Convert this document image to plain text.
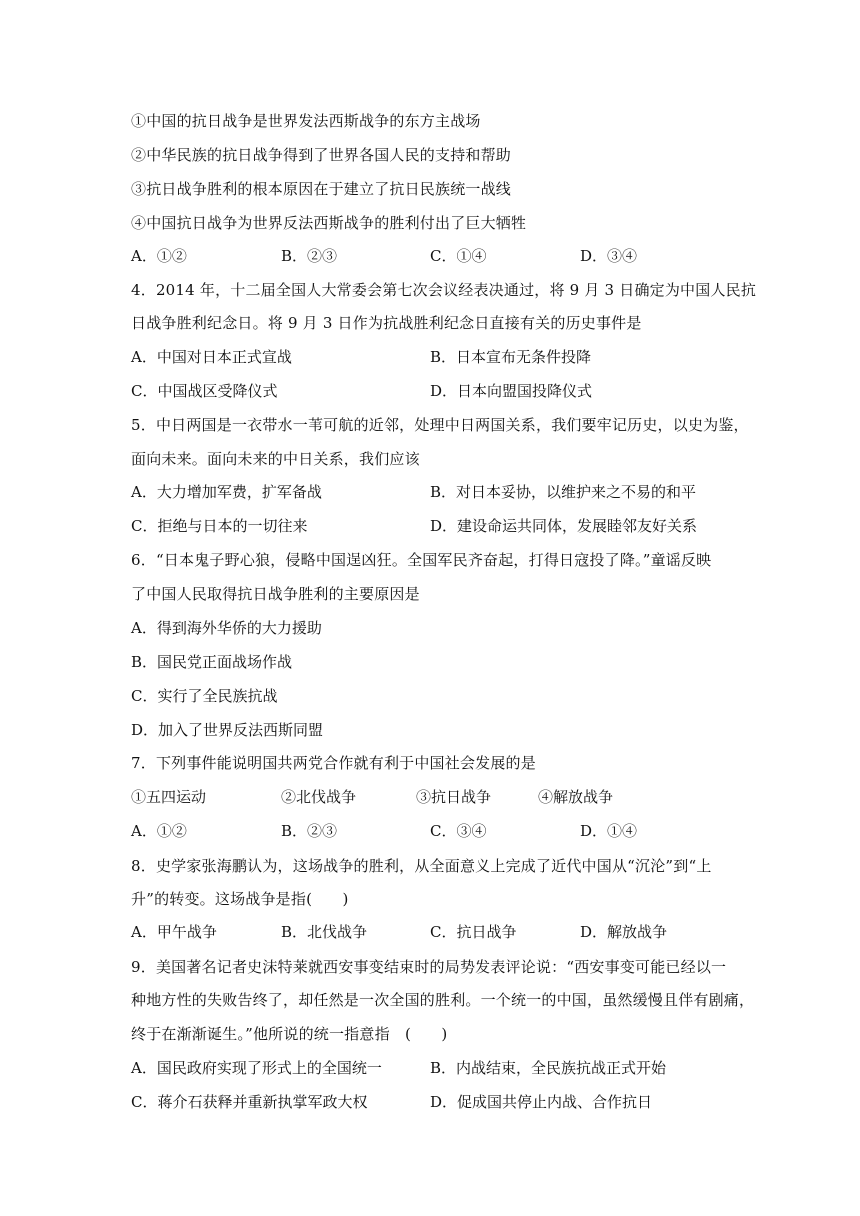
①中国的抗日战争是世界发法西斯战争的东方主战场
②中华民族的抗日战争得到了世界各国人民的支持和帮助
③抗日战争胜利的根本原因在于建立了抗日民族统一战线
④中国抗日战争为世界反法西斯战争的胜利付出了巨大牺牲
A．①②	B．②③	C．①④	D．③④
4．2014 年，十二届全国人大常委会第七次会议经表决通过，将 9 月 3 日确定为中国人民抗
日战争胜利纪念日。将 9 月 3 日作为抗战胜利纪念日直接有关的历史事件是
A．中国对日本正式宣战	B．日本宣布无条件投降
C．中国战区受降仪式	D．日本向盟国投降仪式
5．中日两国是一衣带水一苇可航的近邻，处理中日两国关系，我们要牢记历史，以史为鉴，
面向未来。面向未来的中日关系，我们应该
A．大力增加军费，扩军备战	B．对日本妥协，以维护来之不易的和平
C．拒绝与日本的一切往来	D．建设命运共同体，发展睦邻友好关系
6．“日本鬼子野心狼，侵略中国逞凶狂。全国军民齐奋起，打得日寇投了降。”童谣反映
了中国人民取得抗日战争胜利的主要原因是
A．得到海外华侨的大力援助
B．国民党正面战场作战
C．实行了全民族抗战
D．加入了世界反法西斯同盟
7．下列事件能说明国共两党合作就有利于中国社会发展的是
①五四运动	②北伐战争	③抗日战争	④解放战争
A．①②	B．②③	C．③④	D．①④
8．史学家张海鹏认为，这场战争的胜利，从全面意义上完成了近代中国从“沉沦”到“上
升”的转变。这场战争是指(　　)
A．甲午战争	B．北伐战争	C．抗日战争	D．解放战争
9．美国著名记者史沫特莱就西安事变结束时的局势发表评论说：“西安事变可能已经以一
种地方性的失败告终了，却任然是一次全国的胜利。一个统一的中国，虽然缓慢且伴有剧痛，
终于在渐渐诞生。”他所说的统一指意指　(　　)
A．国民政府实现了形式上的全国统一	B．内战结束，全民族抗战正式开始
C．蒋介石获释并重新执掌军政大权	D．促成国共停止内战、合作抗日
